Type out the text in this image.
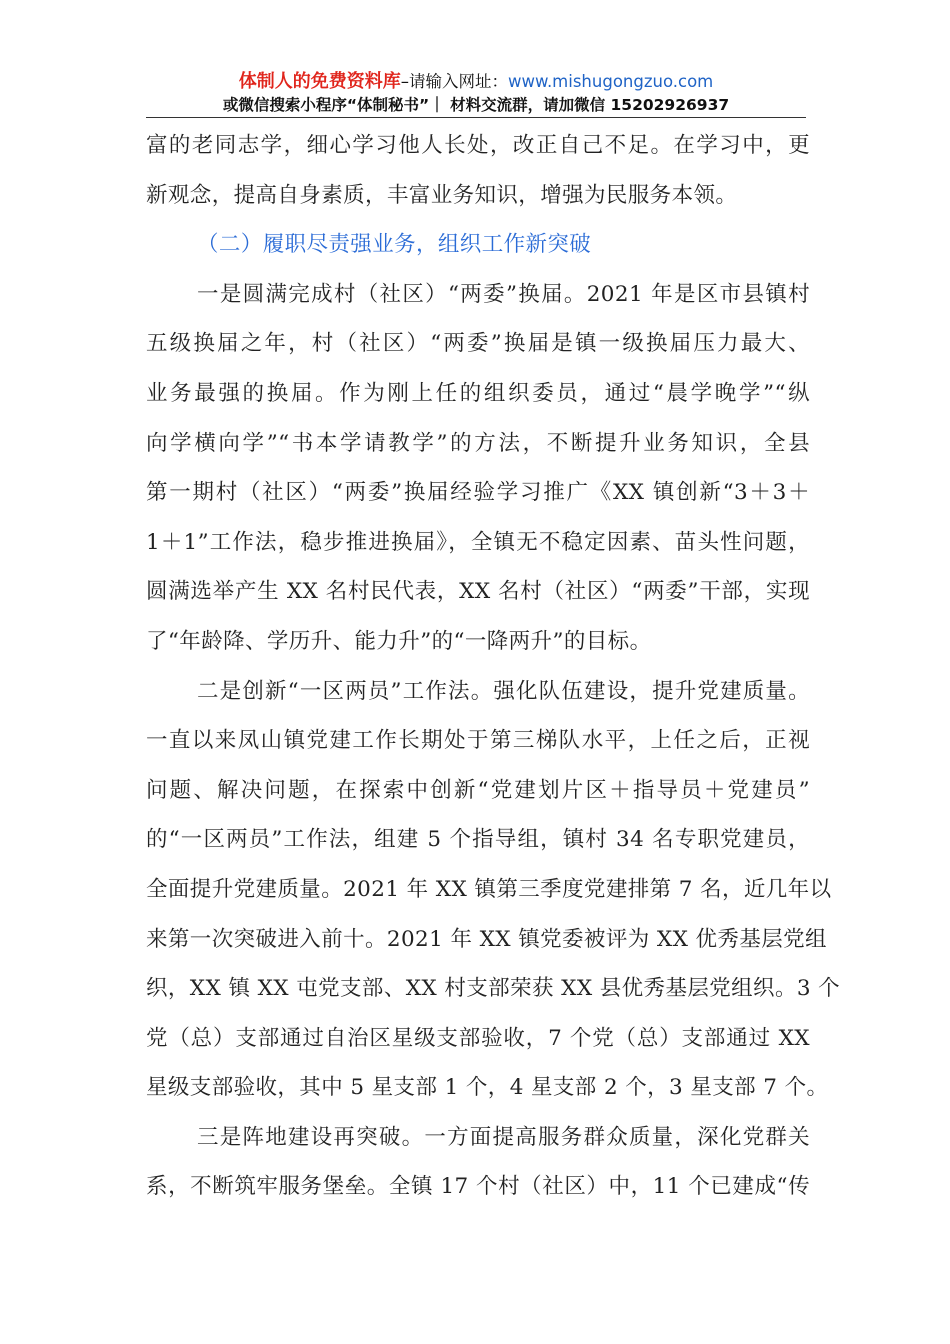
体制人的免费资料库–请输入网址：www.mishugongzuo.com
或微信搜索小程序“体制秘书”｜ 材料交流群，请加微信 15202926937
富的老同志学，细心学习他人长处，改正自己不足。在学习中，更
新观念，提高自身素质，丰富业务知识，增强为民服务本领。
（二）履职尽责强业务，组织工作新突破
一是圆满完成村（社区）“两委”换届。2021 年是区市县镇村
五级换届之年，村（社区）“两委”换届是镇一级换届压力最大、
业务最强的换届。作为刚上任的组织委员，通过“晨学晚学”“纵
向学横向学”“书本学请教学”的方法，不断提升业务知识，全县
第一期村（社区）“两委”换届经验学习推广《XX 镇创新“3＋3＋
1＋1”工作法，稳步推进换届》，全镇无不稳定因素、苗头性问题，
圆满选举产生 XX 名村民代表，XX 名村（社区）“两委”干部，实现
了“年龄降、学历升、能力升”的“一降两升”的目标。
二是创新“一区两员”工作法。强化队伍建设，提升党建质量。
一直以来凤山镇党建工作长期处于第三梯队水平，上任之后，正视
问题、解决问题，在探索中创新“党建划片区＋指导员＋党建员”
的“一区两员”工作法，组建 5 个指导组，镇村 34 名专职党建员，
全面提升党建质量。2021 年 XX 镇第三季度党建排第 7 名，近几年以
来第一次突破进入前十。2021 年 XX 镇党委被评为 XX 优秀基层党组
织，XX 镇 XX 屯党支部、XX 村支部荣获 XX 县优秀基层党组织。3 个
党（总）支部通过自治区星级支部验收，7 个党（总）支部通过 XX
星级支部验收，其中 5 星支部 1 个，4 星支部 2 个，3 星支部 7 个。
三是阵地建设再突破。一方面提高服务群众质量，深化党群关
系，不断筑牢服务堡垒。全镇 17 个村（社区）中，11 个已建成“传
